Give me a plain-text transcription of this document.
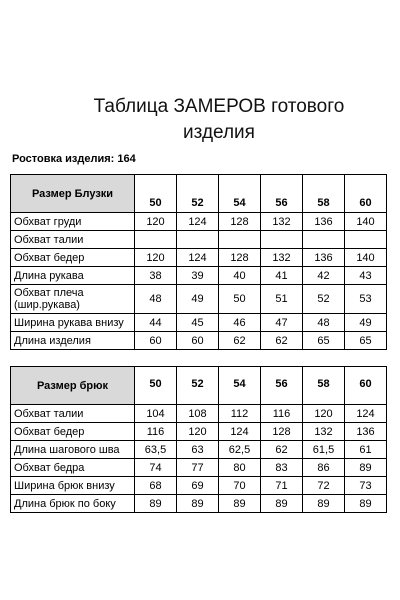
Таблица ЗАМЕРОВ готового
изделия
Ростовка изделия: 164
Размер Блузки	50	52	54	56	58	60
Обхват груди	120	124	128	132	136	140
Обхват талии						
Обхват бедер	120	124	128	132	136	140
Длина рукава	38	39	40	41	42	43
Обхват плеча (шир.рукава)	48	49	50	51	52	53
Ширина рукава внизу	44	45	46	47	48	49
Длина изделия	60	60	62	62	65	65
Размер брюк	50	52	54	56	58	60
Обхват талии	104	108	112	116	120	124
Обхват бедер	116	120	124	128	132	136
Длина шагового шва	63,5	63	62,5	62	61,5	61
Обхват бедра	74	77	80	83	86	89
Ширина брюк внизу	68	69	70	71	72	73
Длина брюк по боку	89	89	89	89	89	89
